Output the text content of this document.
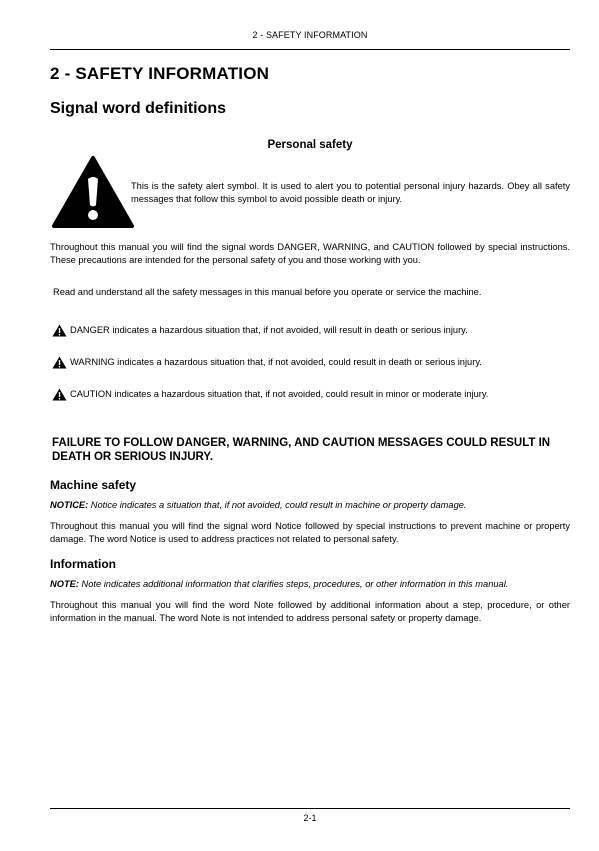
2 - SAFETY INFORMATION
2 - SAFETY INFORMATION
Signal word definitions
Personal safety
This is the safety alert symbol. It is used to alert you to potential personal injury hazards. Obey all safety messages that follow this symbol to avoid possible death or injury.
Throughout this manual you will find the signal words DANGER, WARNING, and CAUTION followed by special instructions. These precautions are intended for the personal safety of you and those working with you.
Read and understand all the safety messages in this manual before you operate or service the machine.
DANGER indicates a hazardous situation that, if not avoided, will result in death or serious injury.
WARNING indicates a hazardous situation that, if not avoided, could result in death or serious injury.
CAUTION indicates a hazardous situation that, if not avoided, could result in minor or moderate injury.
FAILURE TO FOLLOW DANGER, WARNING, AND CAUTION MESSAGES COULD RESULT IN DEATH OR SERIOUS INJURY.
Machine safety
NOTICE: Notice indicates a situation that, if not avoided, could result in machine or property damage.
Throughout this manual you will find the signal word Notice followed by special instructions to prevent machine or property damage. The word Notice is used to address practices not related to personal safety.
Information
NOTE: Note indicates additional information that clarifies steps, procedures, or other information in this manual.
Throughout this manual you will find the word Note followed by additional information about a step, procedure, or other information in the manual. The word Note is not intended to address personal safety or property damage.
2-1
